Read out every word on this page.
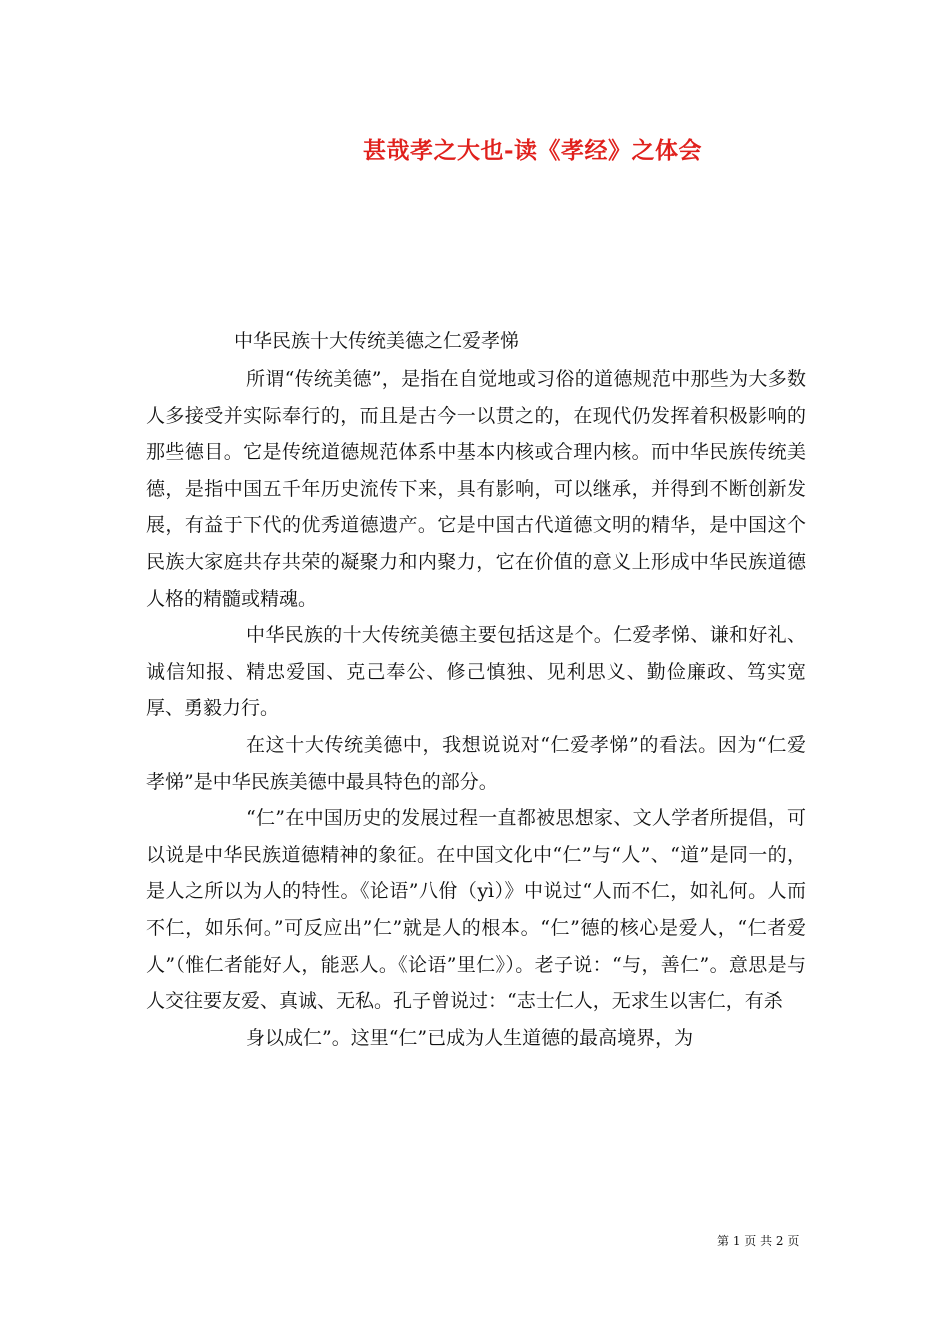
甚哉孝之大也-读《孝经》之体会
中华民族十大传统美德之仁爱孝悌

所谓“传统美德”，是指在自觉地或习俗的道德规范中那些为大多数人多接受并实际奉行的，而且是古今一以贯之的，在现代仍发挥着积极影响的那些德目。它是传统道德规范体系中基本内核或合理内核。而中华民族传统美德，是指中国五千年历史流传下来，具有影响，可以继承，并得到不断创新发展，有益于下代的优秀道德遗产。它是中国古代道德文明的精华，是中国这个民族大家庭共存共荣的凝聚力和内聚力，它在价值的意义上形成中华民族道德人格的精髓或精魂。

中华民族的十大传统美德主要包括这是个。仁爱孝悌、谦和好礼、诚信知报、精忠爱国、克己奉公、修己慎独、见利思义、勤俭廉政、笃实宽厚、勇毅力行。

在这十大传统美德中，我想说说对“仁爱孝悌”的看法。因为“仁爱孝悌”是中华民族美德中最具特色的部分。

“仁”在中国历史的发展过程一直都被思想家、文人学者所提倡，可以说是中华民族道德精神的象征。在中国文化中“仁”与“人”、“道”是同一的，是人之所以为人的特性。《论语”八佾（yì）》中说过“人而不仁，如礼何。人而不仁，如乐何。”可反应出”仁”就是人的根本。“仁”德的核心是爱人，“仁者爱人”（惟仁者能好人，能恶人。《论语”里仁》）。老子说：“与，善仁”。意思是与人交往要友爱、真诚、无私。孔子曾说过：“志士仁人，无求生以害仁，有杀

身以成仁”。这里“仁”已成为人生道德的最高境界，为

第 1 页 共 2 页
